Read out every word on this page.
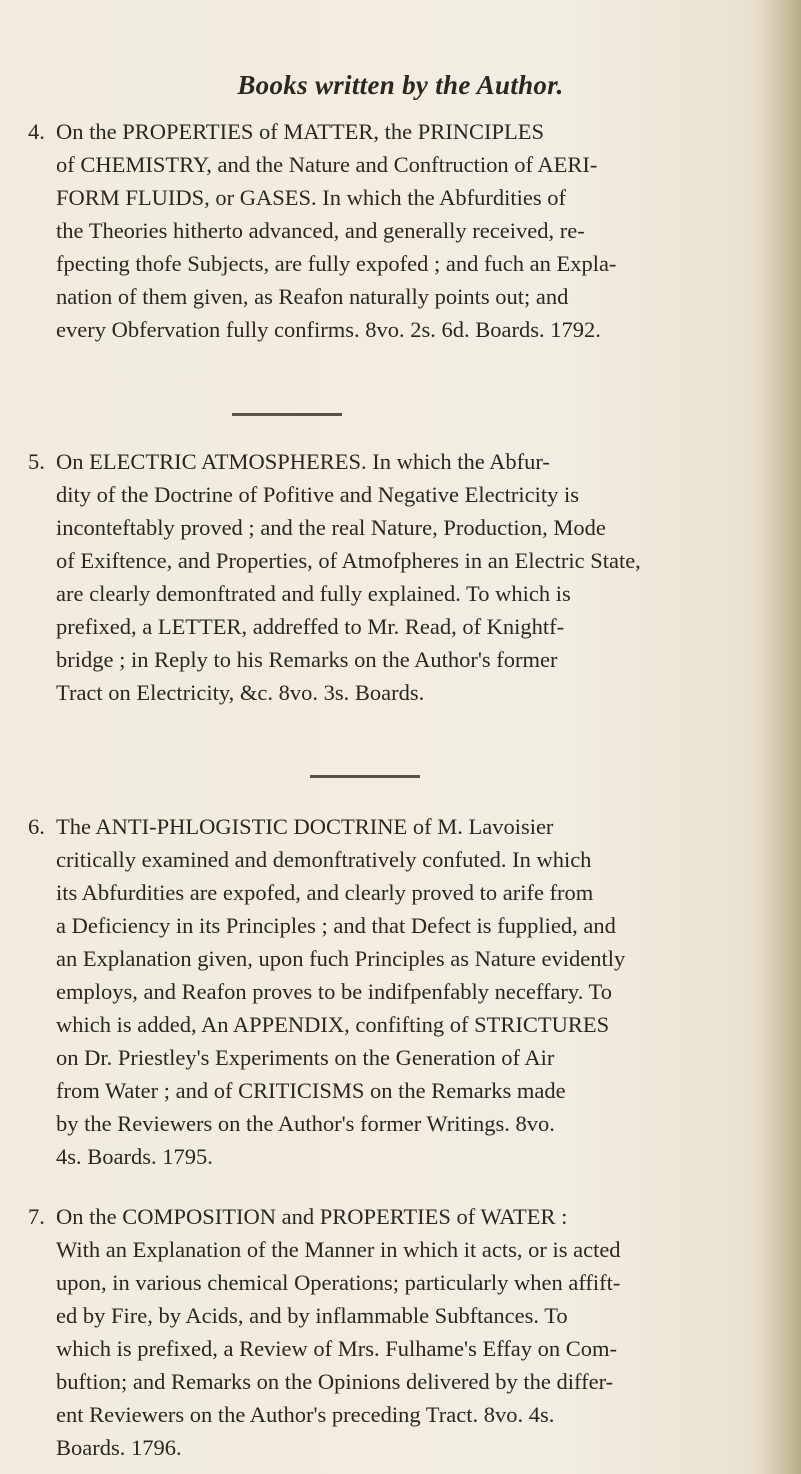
Books written by the Author.
4. On the PROPERTIES of MATTER, the PRINCIPLES
of CHEMISTRY, and the Nature and Conftruction of AERI-
FORM FLUIDS, or GASES. In which the Abfurdities of
the Theories hitherto advanced, and generally received, re-
fpecting thofe Subjects, are fully expofed ; and fuch an Expla-
nation of them given, as Reafon naturally points out; and
every Obfervation fully confirms. 8vo. 2s. 6d. Boards. 1792.
5. On ELECTRIC ATMOSPHERES. In which the Abfur-
dity of the Doctrine of Pofitive and Negative Electricity is
inconteftably proved ; and the real Nature, Production, Mode
of Exiftence, and Properties, of Atmofpheres in an Electric State,
are clearly demonftrated and fully explained. To which is
prefixed, a LETTER, addreffed to Mr. Read, of Knightf-
bridge ; in Reply to his Remarks on the Author's former
Tract on Electricity, &c. 8vo. 3s. Boards.
6. The ANTI-PHLOGISTIC DOCTRINE of M. Lavoisier
critically examined and demonftratively confuted. In which
its Abfurdities are expofed, and clearly proved to arife from
a Deficiency in its Principles ; and that Defect is fupplied, and
an Explanation given, upon fuch Principles as Nature evidently
employs, and Reafon proves to be indifpenfably neceffary. To
which is added, An APPENDIX, confifting of STRICTURES
on Dr. Priestley's Experiments on the Generation of Air
from Water ; and of CRITICISMS on the Remarks made
by the Reviewers on the Author's former Writings. 8vo.
4s. Boards. 1795.
7. On the COMPOSITION and PROPERTIES of WATER :
With an Explanation of the Manner in which it acts, or is acted
upon, in various chemical Operations; particularly when affift-
ed by Fire, by Acids, and by inflammable Subftances. To
which is prefixed, a Review of Mrs. Fulhame's Effay on Com-
buftion; and Remarks on the Opinions delivered by the differ-
ent Reviewers on the Author's preceding Tract. 8vo. 4s.
Boards. 1796.
